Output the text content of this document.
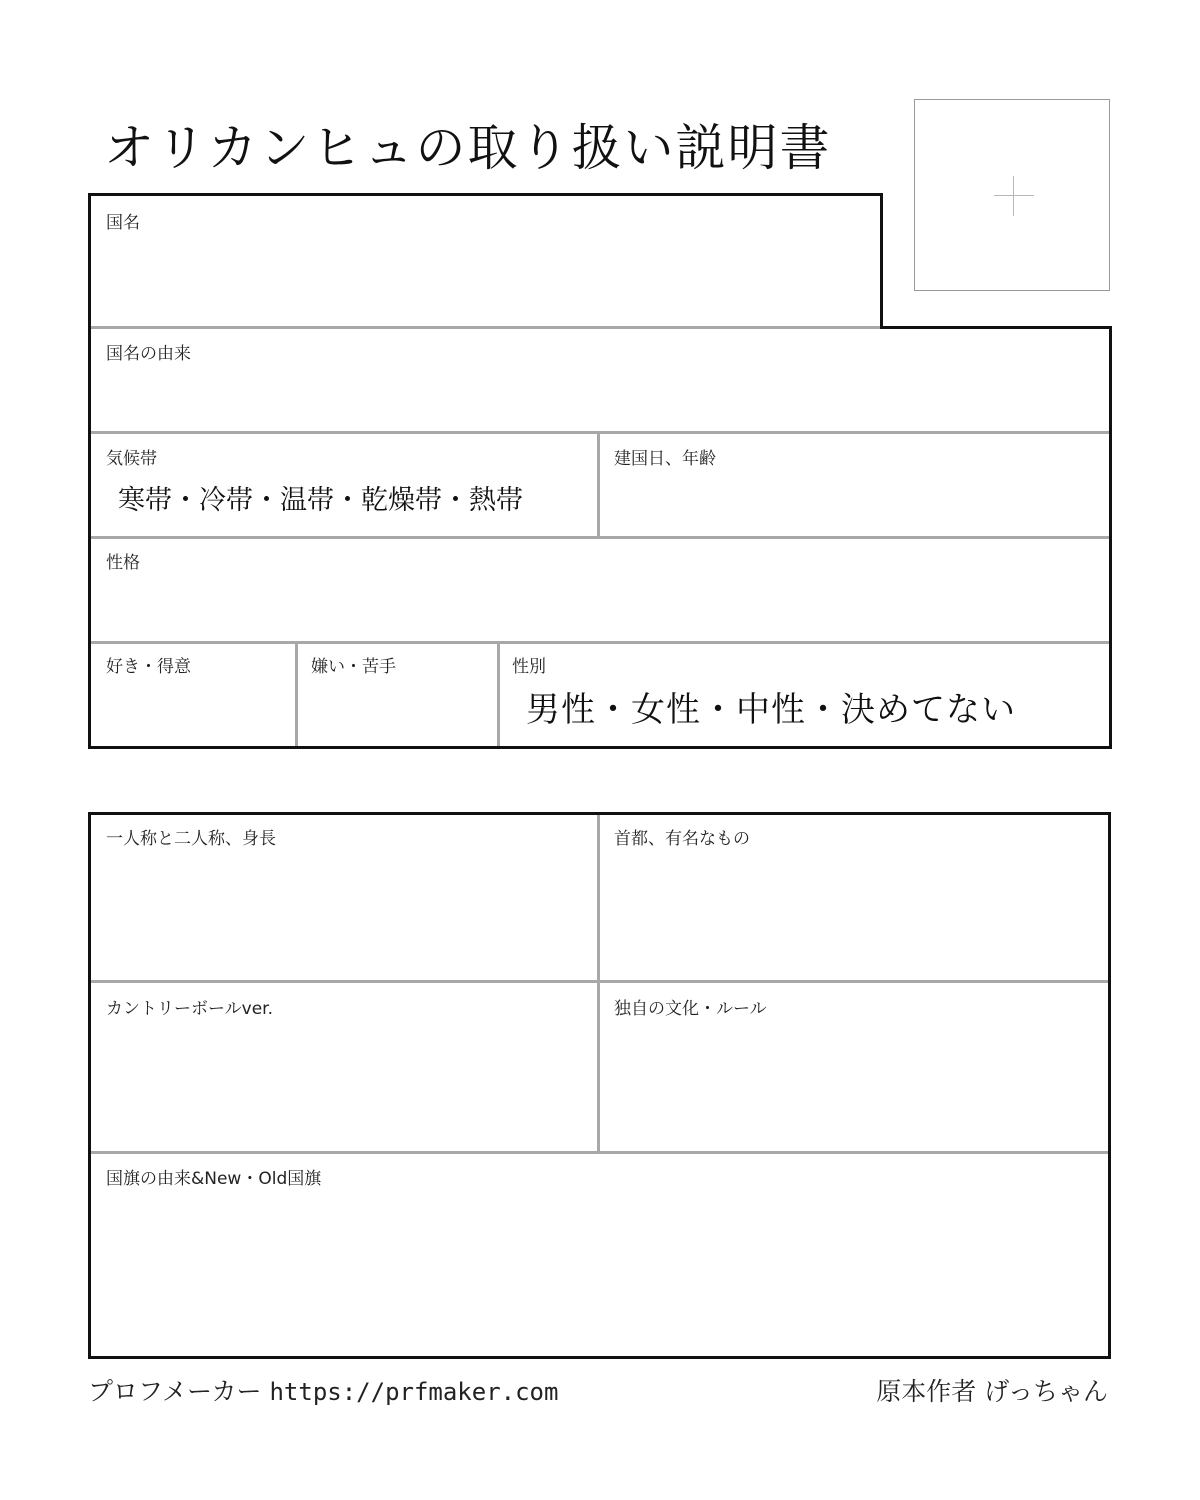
オリカンヒュの取り扱い説明書
国名
国名の由来
気候帯
寒帯・冷帯・温帯・乾燥帯・熱帯
建国日、年齢
性格
好き・得意	嫌い・苦手	性別
男性・女性・中性・決めてない
一人称と二人称、身長	首都、有名なもの
カントリーボールver.	独自の文化・ルール
国旗の由来&New・Old国旗
プロフメーカー https://prfmaker.com	原本作者 げっちゃん
